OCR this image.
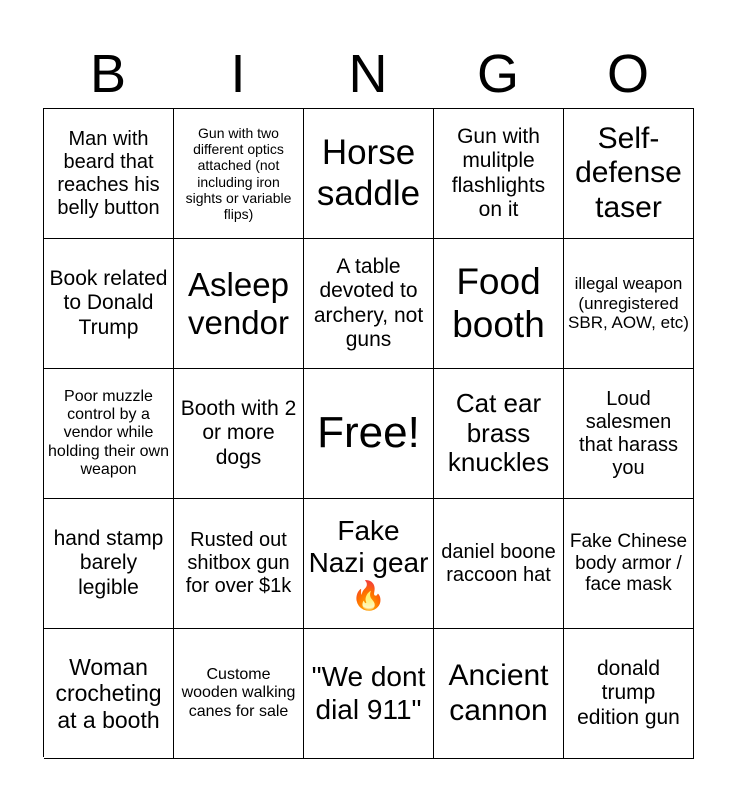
B	I	N	G	O
Man with beard that reaches his belly button
Gun with two different optics attached (not including iron sights or variable flips)
Horse saddle
Gun with mulitple flashlights on it
Self-defense taser
Book related to Donald Trump
Asleep vendor
A table devoted to archery, not guns
Food booth
illegal weapon (unregistered SBR, AOW, etc)
Poor muzzle control by a vendor while holding their own weapon
Booth with 2 or more dogs	Free!
Cat ear brass knuckles
Loud salesmen that harass you
hand stamp barely legible
Rusted out shitbox gun for over $1k
Fake Nazi gear 🔥
daniel boone raccoon hat
Fake Chinese body armor / face mask
Woman crocheting at a booth
Custome wooden walking canes for sale
"We dont dial 911"
Ancient cannon
donald trump edition gun
